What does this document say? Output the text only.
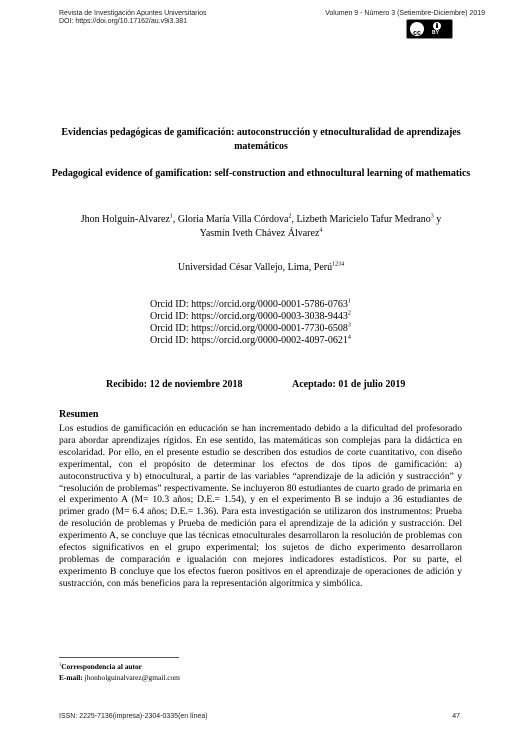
Revista de Investigación Apuntes Universitarios
DOI: https://doi.org/10.17162/au.v9i3.381
Volumen 9 - Número 3 (Setiembre-Diciembre) 2019
cc	BY
Evidencias pedagógicas de gamificación: autoconstrucción y etnoculturalidad de aprendizajes matemáticos
Pedagogical evidence of gamification: self-construction and ethnocultural learning of mathematics
Jhon Holguin-Alvarez$^1$, Gloria María Villa Córdova$^2$, Lizbeth Maricielo Tafur Medrano$^3$ y
Yasmín Iveth Chávez Álvarez$^4$
Universidad César Vallejo, Lima, Perú$^{1234}$
Orcid ID: https://orcid.org/0000-0001-5786-0763$^1$
Orcid ID: https://orcid.org/0000-0003-3038-9443$^2$
Orcid ID: https://orcid.org/0000-0001-7730-6508$^3$
Orcid ID: https://orcid.org/0000-0002-4097-0621$^4$
Recibido: 12 de noviembre 2018	Aceptado: 01 de julio 2019
Resumen
Los estudios de gamificación en educación se han incrementado debido a la dificultad del profesorado para abordar aprendizajes rígidos. En ese sentido, las matemáticas son complejas para la didáctica en escolaridad. Por ello, en el presente estudio se describen dos estudios de corte cuantitativo, con diseño experimental, con el propósito de determinar los efectos de dos tipos de gamificación: a) autoconstructiva y b) etnocultural, a partir de las variables “aprendizaje de la adición y sustracción” y “resolución de problemas” respectivamente. Se incluyeron 80 estudiantes de cuarto grado de primaria en el experimento A (M= 10.3 años; D.E.= 1.54), y en el experimento B se indujo a 36 estudiantes de primer grado (M= 6.4 años; D.E.= 1.36). Para esta investigación se utilizaron dos instrumentos: Prueba de resolución de problemas y Prueba de medición para el aprendizaje de la adición y sustracción. Del experimento A, se concluye que las técnicas etnoculturales desarrollaron la resolución de problemas con efectos significativos en el grupo experimental; los sujetos de dicho experimento desarrollaron problemas de comparación e igualación con mejores indicadores estadísticos. Por su parte, el experimento B concluye que los efectos fueron positivos en el aprendizaje de operaciones de adición y sustracción, con más beneficios para la representación algorítmica y simbólica.
$^1$Correspondencia al autor
E-mail: jhonholguinalvarez@gmail.com
ISSN: 2225-7136(impresa)-2304-0335(en línea)	47
